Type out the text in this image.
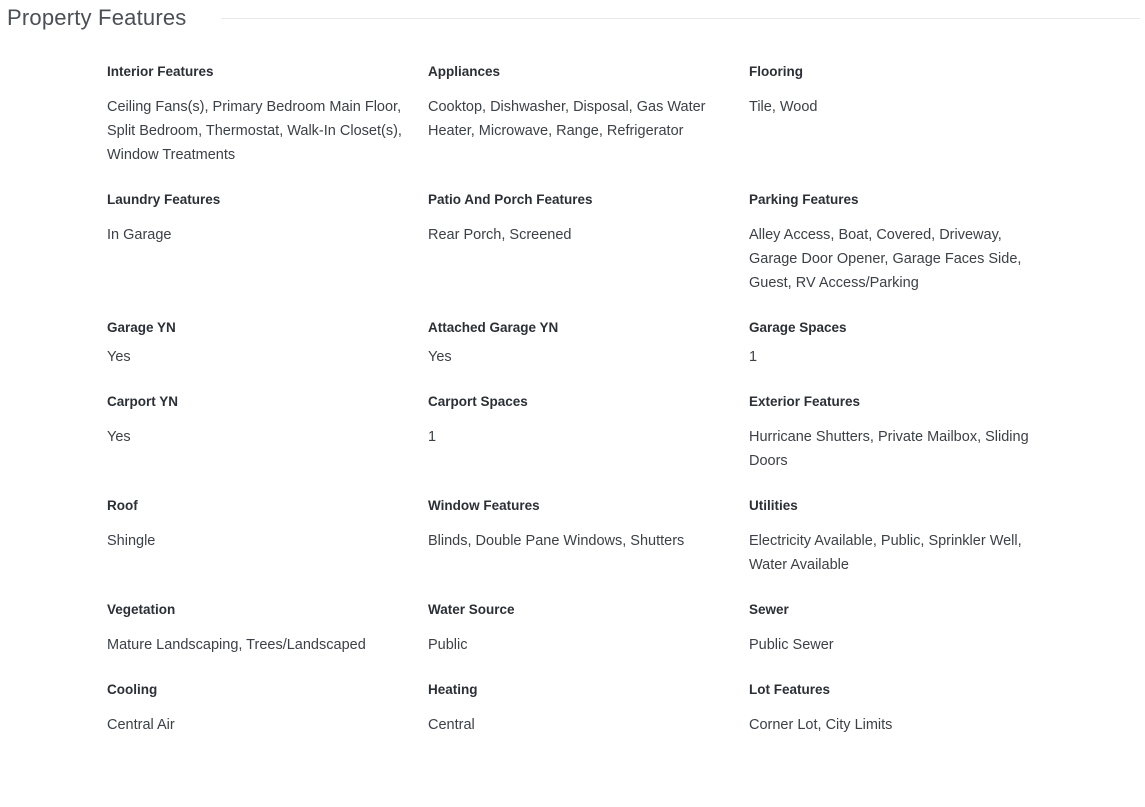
Property Features
Interior Features
Ceiling Fans(s), Primary Bedroom Main Floor, Split Bedroom, Thermostat, Walk-In Closet(s), Window Treatments
Appliances
Cooktop, Dishwasher, Disposal, Gas Water Heater, Microwave, Range, Refrigerator
Flooring
Tile, Wood
Laundry Features
In Garage
Patio And Porch Features
Rear Porch, Screened
Parking Features
Alley Access, Boat, Covered, Driveway, Garage Door Opener, Garage Faces Side, Guest, RV Access/Parking
Garage YN
Yes
Attached Garage YN
Yes
Garage Spaces
1
Carport YN
Yes
Carport Spaces
1
Exterior Features
Hurricane Shutters, Private Mailbox, Sliding Doors
Roof
Shingle
Window Features
Blinds, Double Pane Windows, Shutters
Utilities
Electricity Available, Public, Sprinkler Well, Water Available
Vegetation
Mature Landscaping, Trees/Landscaped
Water Source
Public
Sewer
Public Sewer
Cooling
Central Air
Heating
Central
Lot Features
Corner Lot, City Limits
